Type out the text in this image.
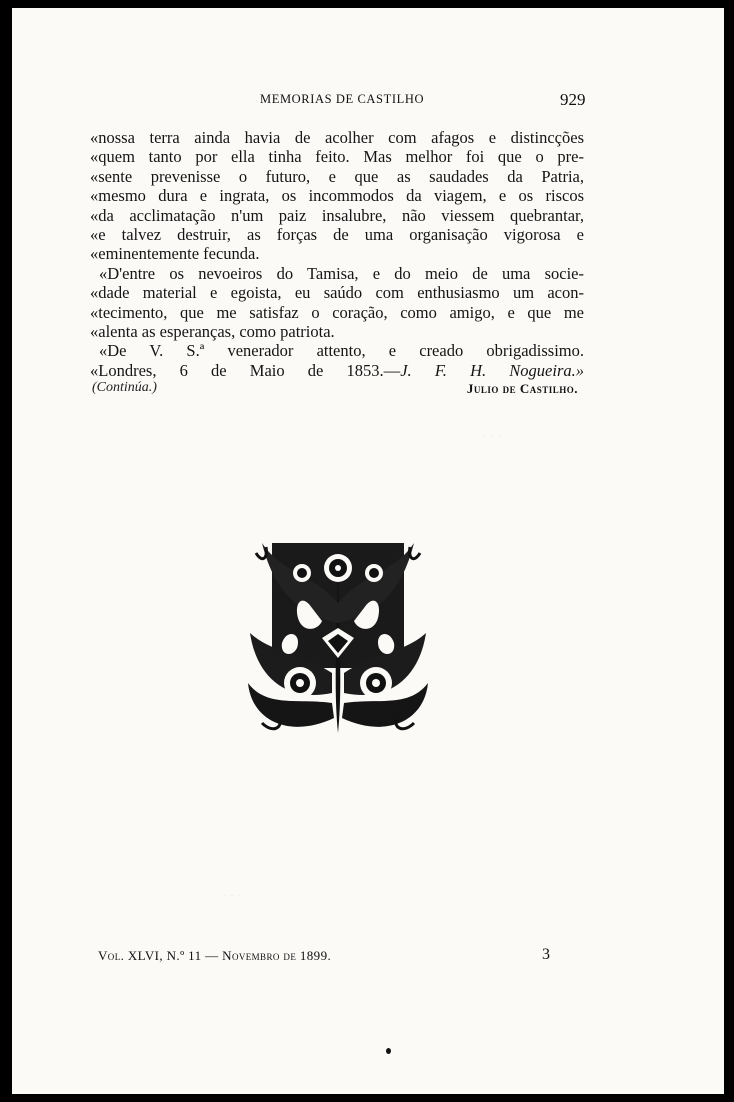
MEMORIAS DE CASTILHO	929
«nossa terra ainda havia de acolher com afagos e distincções
«quem tanto por ella tinha feito. Mas melhor foi que o pre-
«sente prevenisse o futuro, e que as saudades da Patria,
«mesmo dura e ingrata, os incommodos da viagem, e os riscos
«da acclimatação n'um paiz insalubre, não viessem quebrantar,
«e talvez destruir, as forças de uma organisação vigorosa e
«eminentemente fecunda.
«D'entre os nevoeiros do Tamisa, e do meio de uma socie-
«dade material e egoista, eu saúdo com enthusiasmo um acon-
«tecimento, que me satisfaz o coração, como amigo, e que me
«alenta as esperanças, como patriota.
«De V. S.ª venerador attento, e creado obrigadissimo.
«Londres, 6 de Maio de 1853.—J. F. H. Nogueira.»
(Continúa.)	Julio de Castilho.
· · ·
· · ·
Vol. XLVI, N.º 11 — Novembro de 1899.	3
